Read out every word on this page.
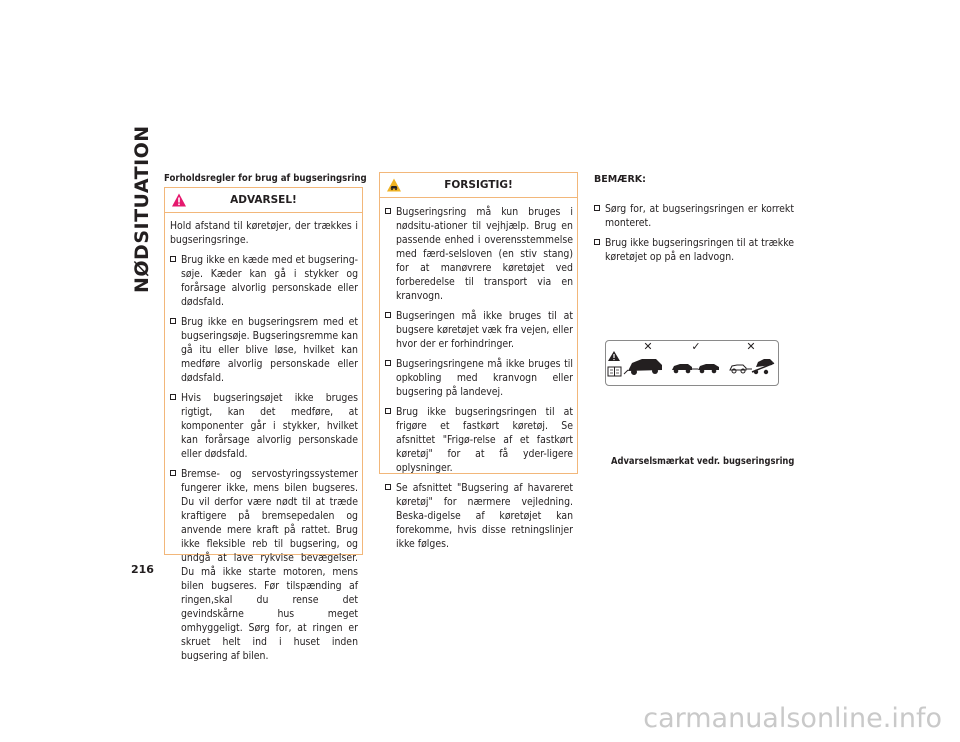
NØDSITUATION
216
Forholdsregler for brug af bugseringsring
ADVARSEL!

Hold afstand til køretøjer, der trækkes i bugseringsringe.

Brug ikke en kæde med et bugsering-søje. Kæder kan gå i stykker og forårsage alvorlig personskade eller dødsfald.
Brug ikke en bugseringsrem med et bugseringsøje. Bugseringsremme kan gå itu eller blive løse, hvilket kan medføre alvorlig personskade eller dødsfald.
Hvis bugseringsøjet ikke bruges rigtigt, kan det medføre, at komponenter går i stykker, hvilket kan forårsage alvorlig personskade eller dødsfald.
Bremse- og servostyringssystemer fungerer ikke, mens bilen bugseres. Du vil derfor være nødt til at træde kraftigere på bremsepedalen og anvende mere kraft på rattet. Brug ikke fleksible reb til bugsering, og undgå at lave rykvise bevægelser. Du må ikke starte motoren, mens bilen bugseres. Før tilspænding af ringen,skal du rense det gevindskårne hus meget omhyggeligt. Sørg for, at ringen er skruet helt ind i huset inden bugsering af bilen.
FORSIGTIG!
Bugseringsring må kun bruges i nødsitu-ationer til vejhjælp. Brug en passende enhed i overensstemmelse med færd-selsloven (en stiv stang) for at manøvrere køretøjet ved forberedelse til transport via en kranvogn.
Bugseringen må ikke bruges til at bugsere køretøjet væk fra vejen, eller hvor der er forhindringer.
Bugseringsringene må ikke bruges til opkobling med kranvogn eller bugsering på landevej.
Brug ikke bugseringsringen til at frigøre et fastkørt køretøj. Se afsnittet "Frigø-relse af et fastkørt køretøj" for at få yder-ligere oplysninger.
Se afsnittet "Bugsering af havareret køretøj" for nærmere vejledning. Beska-digelse af køretøjet kan forekomme, hvis disse retningslinjer ikke følges.
BEMÆRK:
Sørg for, at bugseringsringen er korrekt monteret.
Brug ikke bugseringsringen til at trække køretøjet op på en ladvogn.
✕	✓	✕
Advarselsmærkat vedr. bugseringsring
carmanualsonline.info
